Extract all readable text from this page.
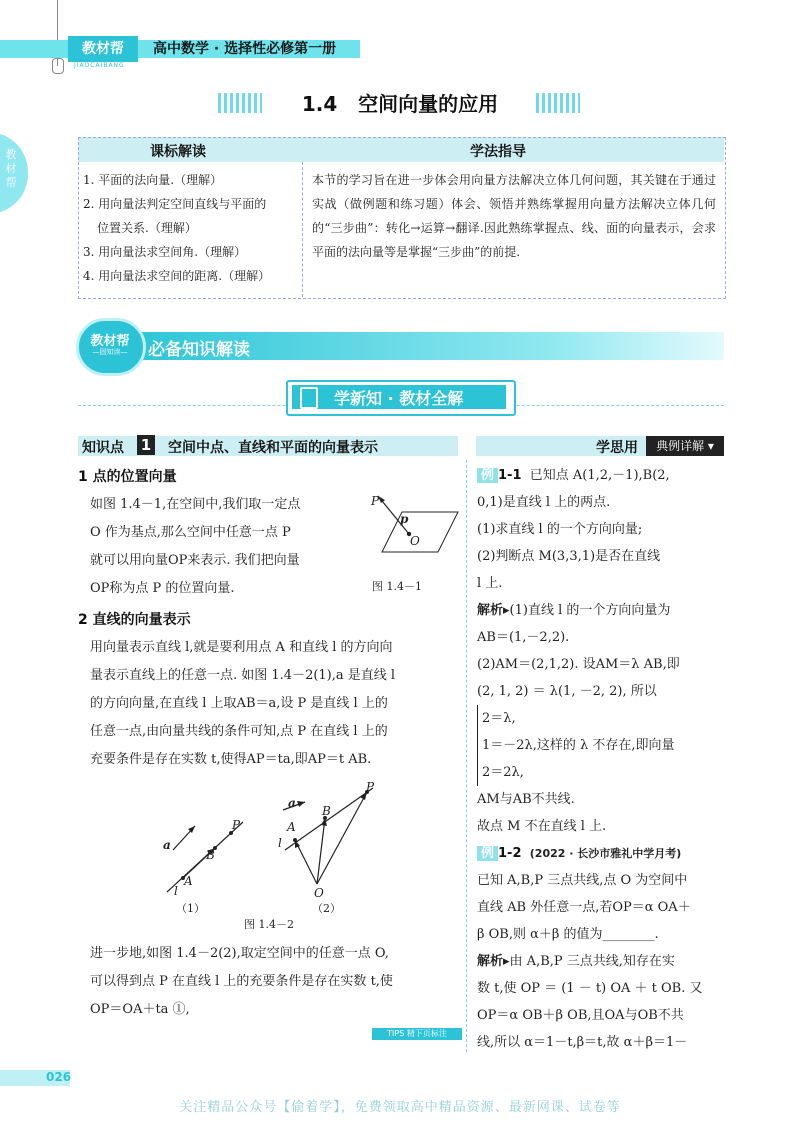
教材帮
JIAOCAIBANG
高中数学 · 选择性必修第一册
教材帮
1.4 空间向量的应用
课标解读	学法指导
1. 平面的法向量.（理解）
2. 用向量法判定空间直线与平面的
位置关系.（理解）
3. 用向量法求空间角.（理解）
4. 用向量法求空间的距离.（理解）
本节的学习旨在进一步体会用向量方法解决立体几何问题，其关键在于通过实战（做例题和练习题）体会、领悟并熟练掌握用向量方法解决立体几何的“三步曲”：转化→运算→翻译.因此熟练掌握点、线、面的向量表示，会求平面的法向量等是掌握“三步曲”的前提.
教材帮
—固知读—	必备知识解读
学新知 · 教材全解
知识点 1 空间中点、直线和平面的向量表示	学思用	典例详解 ▾
1 点的位置向量
如图 1.4－1,在空间中,我们取一定点
O 作为基点,那么空间中任意一点 P
就可以用向量OP来表示. 我们把向量
OP称为点 P 的位置向量.
P
p
O
图 1.4－1
2 直线的向量表示
用向量表示直线 l,就是要利用点 A 和直线 l 的方向向
量表示直线上的任意一点. 如图 1.4－2(1),a 是直线 l
的方向向量,在直线 l 上取AB＝a,设 P 是直线 l 上的
任意一点,由向量共线的条件可知,点 P 在直线 l 上的
充要条件是存在实数 t,使得AP＝ta,即AP＝t AB.
a
P
B
A
l
a
P
B
A
l
O
（1）	（2）
图 1.4－2
进一步地,如图 1.4－2(2),取定空间中的任意一点 O,
可以得到点 P 在直线 l 上的充要条件是存在实数 t,使
OP＝OA＋ta ①,
TIPS 精下页标注
例 1-1 已知点 A(1,2,－1),B(2,
0,1)是直线 l 上的两点.
(1)求直线 l 的一个方向向量;
(2)判断点 M(3,3,1)是否在直线
l 上.
解析▸(1)直线 l 的一个方向向量为
AB＝(1,－2,2).
(2)AM＝(2,1,2). 设AM＝λ AB,即
(2, 1, 2) ＝ λ(1, －2, 2), 所以
2＝λ,
1＝－2λ,这样的 λ 不存在,即向量
2＝2λ,
AM与AB不共线.
故点 M 不在直线 l 上.
例 1-2 (2022 · 长沙市雅礼中学月考)
已知 A,B,P 三点共线,点 O 为空间中
直线 AB 外任意一点,若OP＝α OA＋
β OB,则 α＋β 的值为________.
解析▸由 A,B,P 三点共线,知存在实
数 t,使 OP ＝ (1 － t) OA ＋ t OB. 又
OP＝α OB＋β OB,且OA与OB不共
线,所以 α＝1－t,β＝t,故 α＋β＝1－
026
关注精品公众号【偷着学】，免费领取高中精品资源、最新网课、试卷等
